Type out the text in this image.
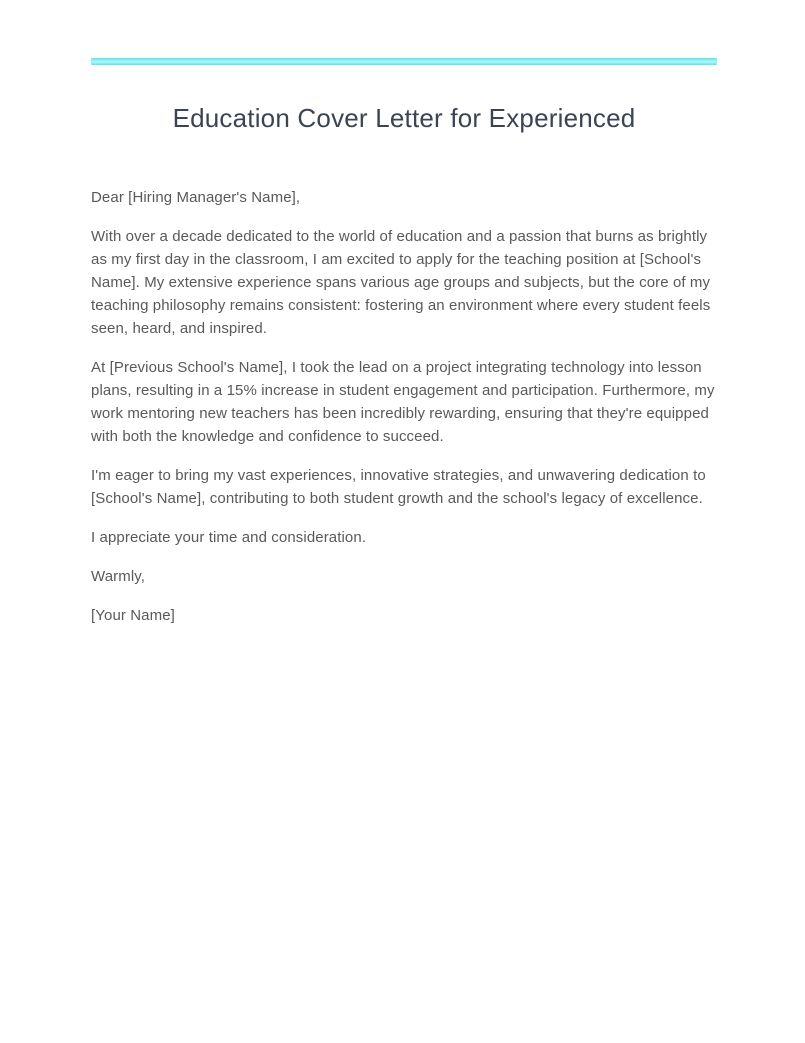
Education Cover Letter for Experienced

Dear [Hiring Manager's Name],

With over a decade dedicated to the world of education and a passion that burns as brightly as my first day in the classroom, I am excited to apply for the teaching position at [School's Name]. My extensive experience spans various age groups and subjects, but the core of my teaching philosophy remains consistent: fostering an environment where every student feels seen, heard, and inspired.

At [Previous School's Name], I took the lead on a project integrating technology into lesson plans, resulting in a 15% increase in student engagement and participation. Furthermore, my work mentoring new teachers has been incredibly rewarding, ensuring that they're equipped with both the knowledge and confidence to succeed.

I'm eager to bring my vast experiences, innovative strategies, and unwavering dedication to [School's Name], contributing to both student growth and the school's legacy of excellence.

I appreciate your time and consideration.

Warmly,

[Your Name]
